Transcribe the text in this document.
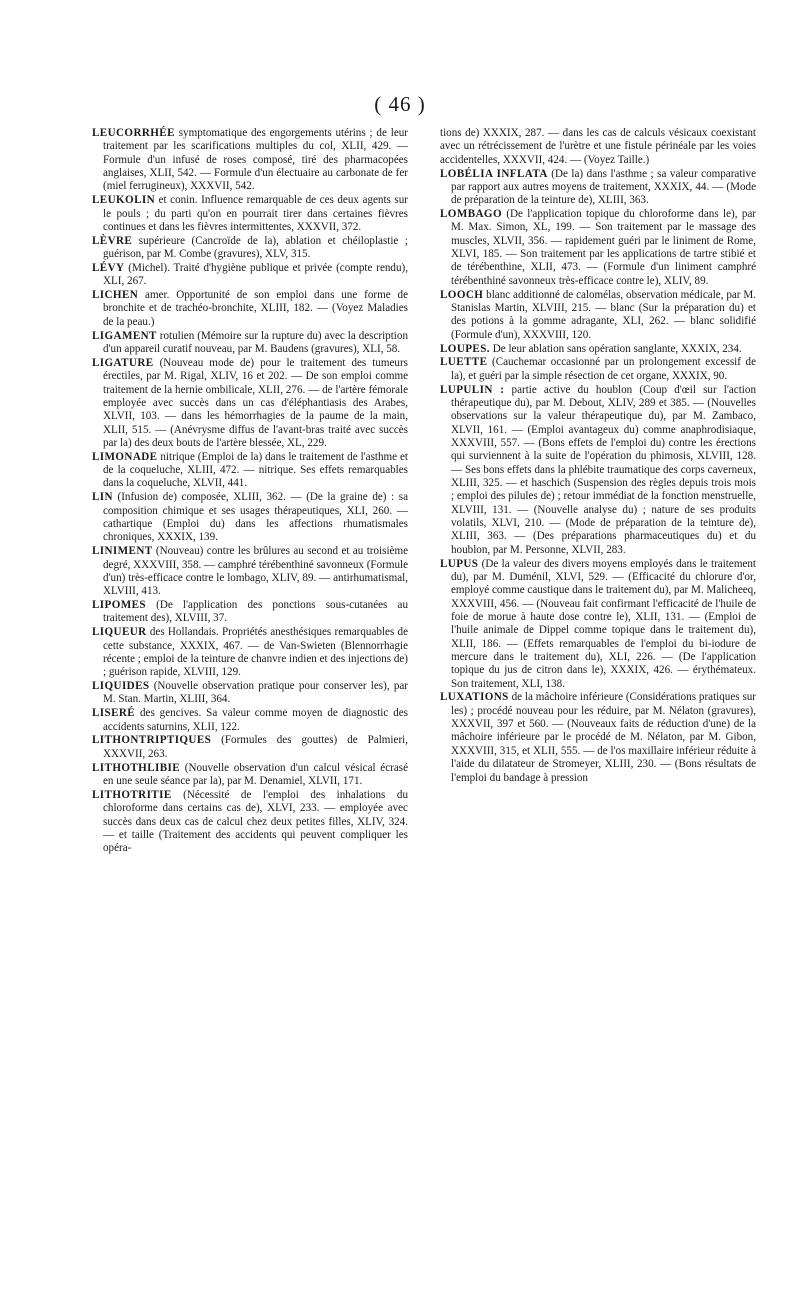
( 46 )

LEUCORRHÉE symptomatique des engorgements utérins ; de leur traitement par les scarifications multiples du col, XLII, 429. — Formule d'un infusé de roses composé, tiré des pharmacopées anglaises, XLII, 542. — Formule d'un électuaire au carbonate de fer (miel ferrugineux), XXXVII, 542.

LEUKOLIN et conin. Influence remarquable de ces deux agents sur le pouls ; du parti qu'on en pourrait tirer dans certaines fièvres continues et dans les fièvres intermittentes, XXXVII, 372.

LÈVRE supérieure (Cancroïde de la), ablation et chéiloplastie ; guérison, par M. Combe (gravures), XLV, 315.

LÉVY (Michel). Traité d'hygiène publique et privée (compte rendu), XLI, 267.

LICHEN amer. Opportunité de son emploi dans une forme de bronchite et de trachéo-bronchite, XLIII, 182. — (Voyez Maladies de la peau.)

LIGAMENT rotulien (Mémoire sur la rupture du) avec la description d'un appareil curatif nouveau, par M. Baudens (gravures), XLI, 58.

LIGATURE (Nouveau mode de) pour le traitement des tumeurs érectiles, par M. Rigal, XLIV, 16 et 202. — De son emploi comme traitement de la hernie ombilicale, XLII, 276. — de l'artère fémorale employée avec succès dans un cas d'éléphantiasis des Arabes, XLVII, 103. — dans les hémorrhagies de la paume de la main, XLII, 515. — (Anévrysme diffus de l'avant-bras traité avec succès par la) des deux bouts de l'artère blessée, XL, 229.

LIMONADE nitrique (Emploi de la) dans le traitement de l'asthme et de la coqueluche, XLIII, 472. — nitrique. Ses effets remarquables dans la coqueluche, XLVII, 441.

LIN (Infusion de) composée, XLIII, 362. — (De la graine de) : sa composition chimique et ses usages thérapeutiques, XLI, 260. — cathartique (Emploi du) dans les affections rhumatismales chroniques, XXXIX, 139.

LINIMENT (Nouveau) contre les brûlures au second et au troisième degré, XXXVIII, 358. — camphré térébenthiné savonneux (Formule d'un) très-efficace contre le lombago, XLIV, 89. — antirhumatismal, XLVIII, 413.

LIPOMES (De l'application des ponctions sous-cutanées au traitement des), XLVIII, 37.

LIQUEUR des Hollandais. Propriétés anesthésiques remarquables de cette substance, XXXIX, 467. — de Van-Swieten (Blennorrhagie récente ; emploi de la teinture de chanvre indien et des injections de) ; guérison rapide, XLVIII, 129.

LIQUIDES (Nouvelle observation pratique pour conserver les), par M. Stan. Martin, XLIII, 364.

LISERÉ des gencives. Sa valeur comme moyen de diagnostic des accidents saturnins, XLII, 122.

LITHONTRIPTIQUES (Formules des gouttes) de Palmieri, XXXVII, 263.

LITHOTHLIBIE (Nouvelle observation d'un calcul vésical écrasé en une seule séance par la), par M. Denamiel, XLVII, 171.

LITHOTRITIE (Nécessité de l'emploi des inhalations du chloroforme dans certains cas de), XLVI, 233. — employée avec succès dans deux cas de calcul chez deux petites filles, XLIV, 324. — et taille (Traitement des accidents qui peuvent compliquer les opéra-

tions de) XXXIX, 287. — dans les cas de calculs vésicaux coexistant avec un rétrécissement de l'urètre et une fistule périnéale par les voies accidentelles, XXXVII, 424. — (Voyez Taille.)

LOBÉLIA INFLATA (De la) dans l'asthme ; sa valeur comparative par rapport aux autres moyens de traitement, XXXIX, 44. — (Mode de préparation de la teinture de), XLIII, 363.

LOMBAGO (De l'application topique du chloroforme dans le), par M. Max. Simon, XL, 199. — Son traitement par le massage des muscles, XLVII, 356. — rapidement guéri par le liniment de Rome, XLVI, 185. — Son traitement par les applications de tartre stibié et de térébenthine, XLII, 473. — (Formule d'un liniment camphré térébenthiné savonneux très-efficace contre le), XLIV, 89.

LOOCH blanc additionné de calomélas, observation médicale, par M. Stanislas Martin, XLVIII, 215. — blanc (Sur la préparation du) et des potions à la gomme adragante, XLI, 262. — blanc solidifié (Formule d'un), XXXVIII, 120.

LOUPES. De leur ablation sans opération sanglante, XXXIX, 234.

LUETTE (Cauchemar occasionné par un prolongement excessif de la), et guéri par la simple résection de cet organe, XXXIX, 90.

LUPULIN : partie active du houblon (Coup d'œil sur l'action thérapeutique du), par M. Debout, XLIV, 289 et 385. — (Nouvelles observations sur la valeur thérapeutique du), par M. Zambaco, XLVII, 161. — (Emploi avantageux du) comme anaphrodisiaque, XXXVIII, 557. — (Bons effets de l'emploi du) contre les érections qui surviennent à la suite de l'opération du phimosis, XLVIII, 128. — Ses bons effets dans la phlébite traumatique des corps caverneux, XLIII, 325. — et haschich (Suspension des règles depuis trois mois ; emploi des pilules de) ; retour immédiat de la fonction menstruelle, XLVIII, 131. — (Nouvelle analyse du) ; nature de ses produits volatils, XLVI, 210. — (Mode de préparation de la teinture de), XLIII, 363. — (Des préparations pharmaceutiques du) et du houblon, par M. Personne, XLVII, 283.

LUPUS (De la valeur des divers moyens employés dans le traitement du), par M. Duménil, XLVI, 529. — (Efficacité du chlorure d'or, employé comme caustique dans le traitement du), par M. Malicheeq, XXXVIII, 456. — (Nouveau fait confirmant l'efficacité de l'huile de foie de morue à haute dose contre le), XLII, 131. — (Emploi de l'huile animale de Dippel comme topique dans le traitement du), XLII, 186. — (Effets remarquables de l'emploi du bi-iodure de mercure dans le traitement du), XLI, 226. — (De l'application topique du jus de citron dans le), XXXIX, 426. — érythémateux. Son traitement, XLI, 138.

LUXATIONS de la mâchoire inférieure (Considérations pratiques sur les) ; procédé nouveau pour les réduire, par M. Nélaton (gravures), XXXVII, 397 et 560. — (Nouveaux faits de réduction d'une) de la mâchoire inférieure par le procédé de M. Nélaton, par M. Gibon, XXXVIII, 315, et XLII, 555. — de l'os maxillaire inférieur réduite à l'aide du dilatateur de Stromeyer, XLIII, 230. — (Bons résultats de l'emploi du bandage à pression
